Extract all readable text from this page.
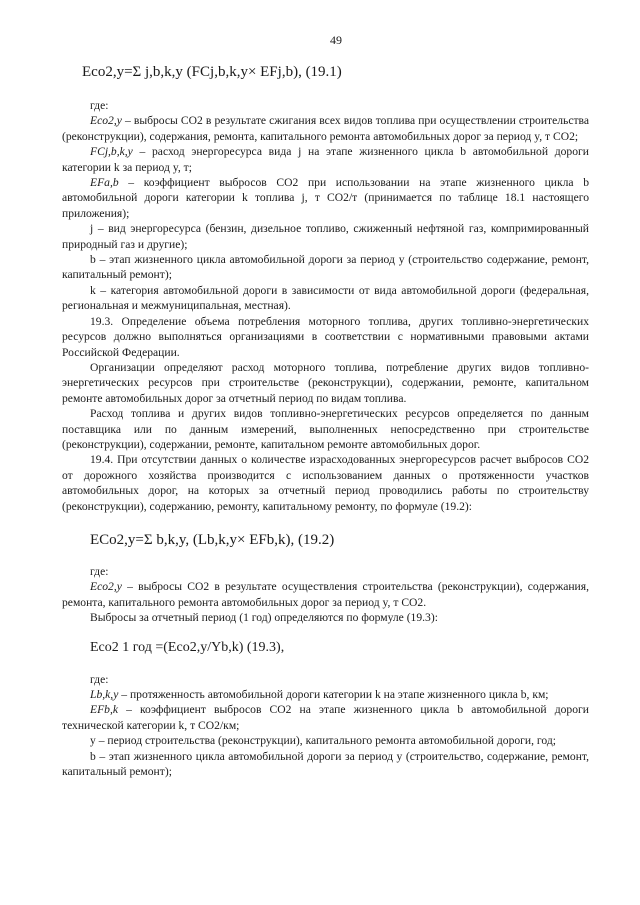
49

Eco2,y=Σ j,b,k,y (FCj,b,k,y× EFj,b), (19.1)

где:

Eco2,y – выбросы СО2 в результате сжигания всех видов топлива при осуществлении строительства (реконструкции), содержания, ремонта, капитального ремонта автомобильных дорог за период y, т СО2;

FCj,b,k,y – расход энергоресурса вида j на этапе жизненного цикла b автомобильной дороги категории k за период y, т;

EFa,b – коэффициент выбросов СО2 при использовании на этапе жизненного цикла b автомобильной дороги категории k топлива j, т СО2/т (принимается по таблице 18.1 настоящего приложения);

j – вид энергоресурса (бензин, дизельное топливо, сжиженный нефтяной газ, компримированный природный газ и другие);

b – этап жизненного цикла автомобильной дороги за период y (строительство содержание, ремонт, капитальный ремонт);

k – категория автомобильной дороги в зависимости от вида автомобильной дороги (федеральная, региональная и межмуниципальная, местная).

19.3. Определение объема потребления моторного топлива, других топливно-энергетических ресурсов должно выполняться организациями в соответствии с нормативными правовыми актами Российской Федерации.

Организации определяют расход моторного топлива, потребление других видов топливно-энергетических ресурсов при строительстве (реконструкции), содержании, ремонте, капитальном ремонте автомобильных дорог за отчетный период по видам топлива.

Расход топлива и других видов топливно-энергетических ресурсов определяется по данным поставщика или по данным измерений, выполненных непосредственно при строительстве (реконструкции), содержании, ремонте, капитальном ремонте автомобильных дорог.

19.4. При отсутствии данных о количестве израсходованных энергоресурсов расчет выбросов СО2 от дорожного хозяйства производится с использованием данных о протяженности участков автомобильных дорог, на которых за отчетный период проводились работы по строительству (реконструкции), содержанию, ремонту, капитальному ремонту, по формуле (19.2):

ECo2,y=Σ b,k,y, (Lb,k,y× EFb,k), (19.2)

где:

Eco2,y – выбросы СО2 в результате осуществления строительства (реконструкции), содержания, ремонта, капитального ремонта автомобильных дорог за период y, т СО2.

Выбросы за отчетный период (1 год) определяются по формуле (19.3):

Eco2 1 год =(Eco2,y/Yb,k) (19.3),

где:

Lb,k,y – протяженность автомобильной дороги категории k на этапе жизненного цикла b, км;

EFb,k – коэффициент выбросов СО2 на этапе жизненного цикла b автомобильной дороги технической категории k, т СО2/км;

y – период строительства (реконструкции), капитального ремонта автомобильной дороги, год;

b – этап жизненного цикла автомобильной дороги за период y (строительство, содержание, ремонт, капитальный ремонт);
